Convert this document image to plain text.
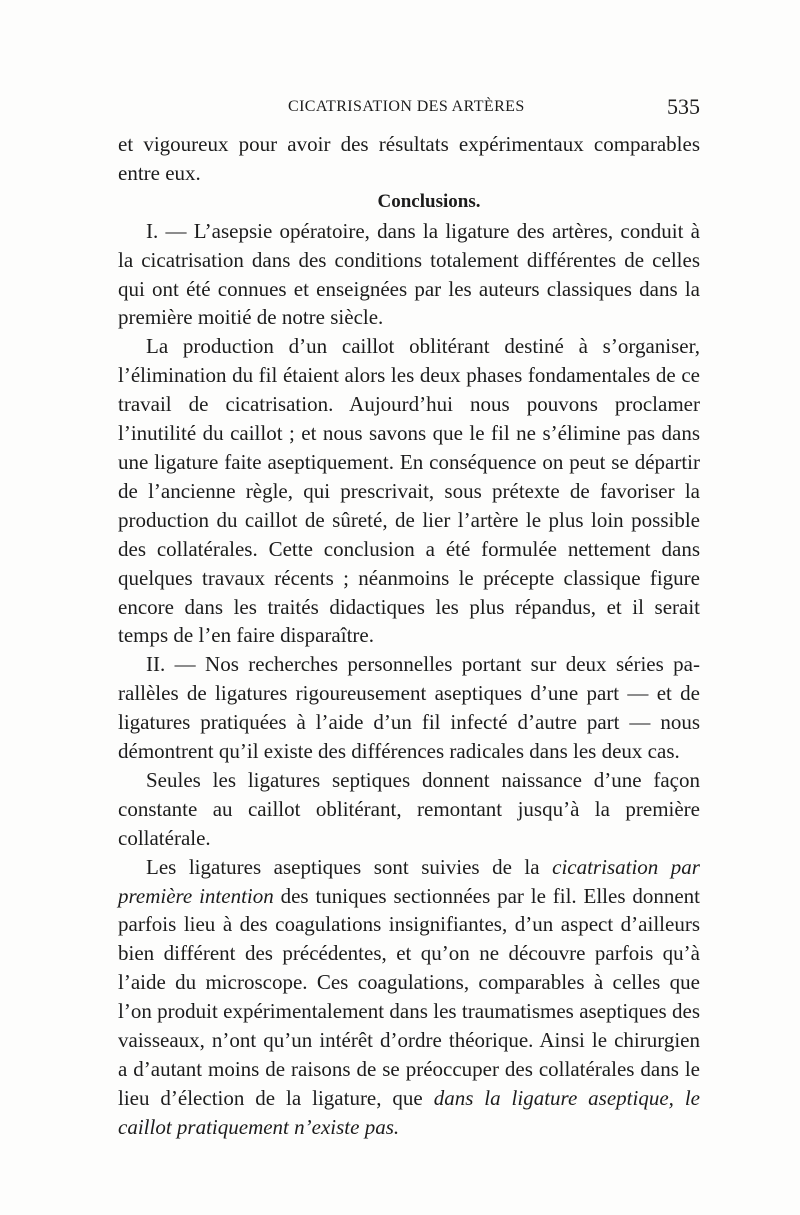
CICATRISATION DES ARTÈRES	535

et vigoureux pour avoir des résultats expérimentaux comparables entre eux.

Conclusions.

I. — L’asepsie opératoire, dans la ligature des artères, conduit à la cicatrisation dans des conditions totalement différentes de celles qui ont été connues et enseignées par les auteurs classiques dans la première moitié de notre siècle.

La production d’un caillot oblitérant destiné à s’organiser, l’élimination du fil étaient alors les deux phases fondamentales de ce travail de cicatrisation. Aujourd’hui nous pouvons proclamer l’inutilité du caillot ; et nous savons que le fil ne s’élimine pas dans une ligature faite aseptiquement. En conséquence on peut se départir de l’ancienne règle, qui prescrivait, sous prétexte de favoriser la production du caillot de sûreté, de lier l’artère le plus loin possible des collatérales. Cette conclusion a été formulée nettement dans quelques travaux récents ; néanmoins le précepte classique figure encore dans les traités didactiques les plus répandus, et il serait temps de l’en faire disparaître.

II. — Nos recherches personnelles portant sur deux séries parallèles de ligatures rigoureusement aseptiques d’une part — et de ligatures pratiquées à l’aide d’un fil infecté d’autre part — nous démontrent qu’il existe des différences radicales dans les deux cas.

Seules les ligatures septiques donnent naissance d’une façon constante au caillot oblitérant, remontant jusqu’à la première collatérale.

Les ligatures aseptiques sont suivies de la cicatrisation par première intention des tuniques sectionnées par le fil. Elles donnent parfois lieu à des coagulations insignifiantes, d’un aspect d’ailleurs bien différent des précédentes, et qu’on ne découvre parfois qu’à l’aide du microscope. Ces coagulations, comparables à celles que l’on produit expérimentalement dans les traumatismes aseptiques des vaisseaux, n’ont qu’un intérêt d’ordre théorique. Ainsi le chirurgien a d’autant moins de raisons de se préoccuper des collatérales dans le lieu d’élection de la ligature, que dans la ligature aseptique, le caillot pratiquement n’existe pas.
